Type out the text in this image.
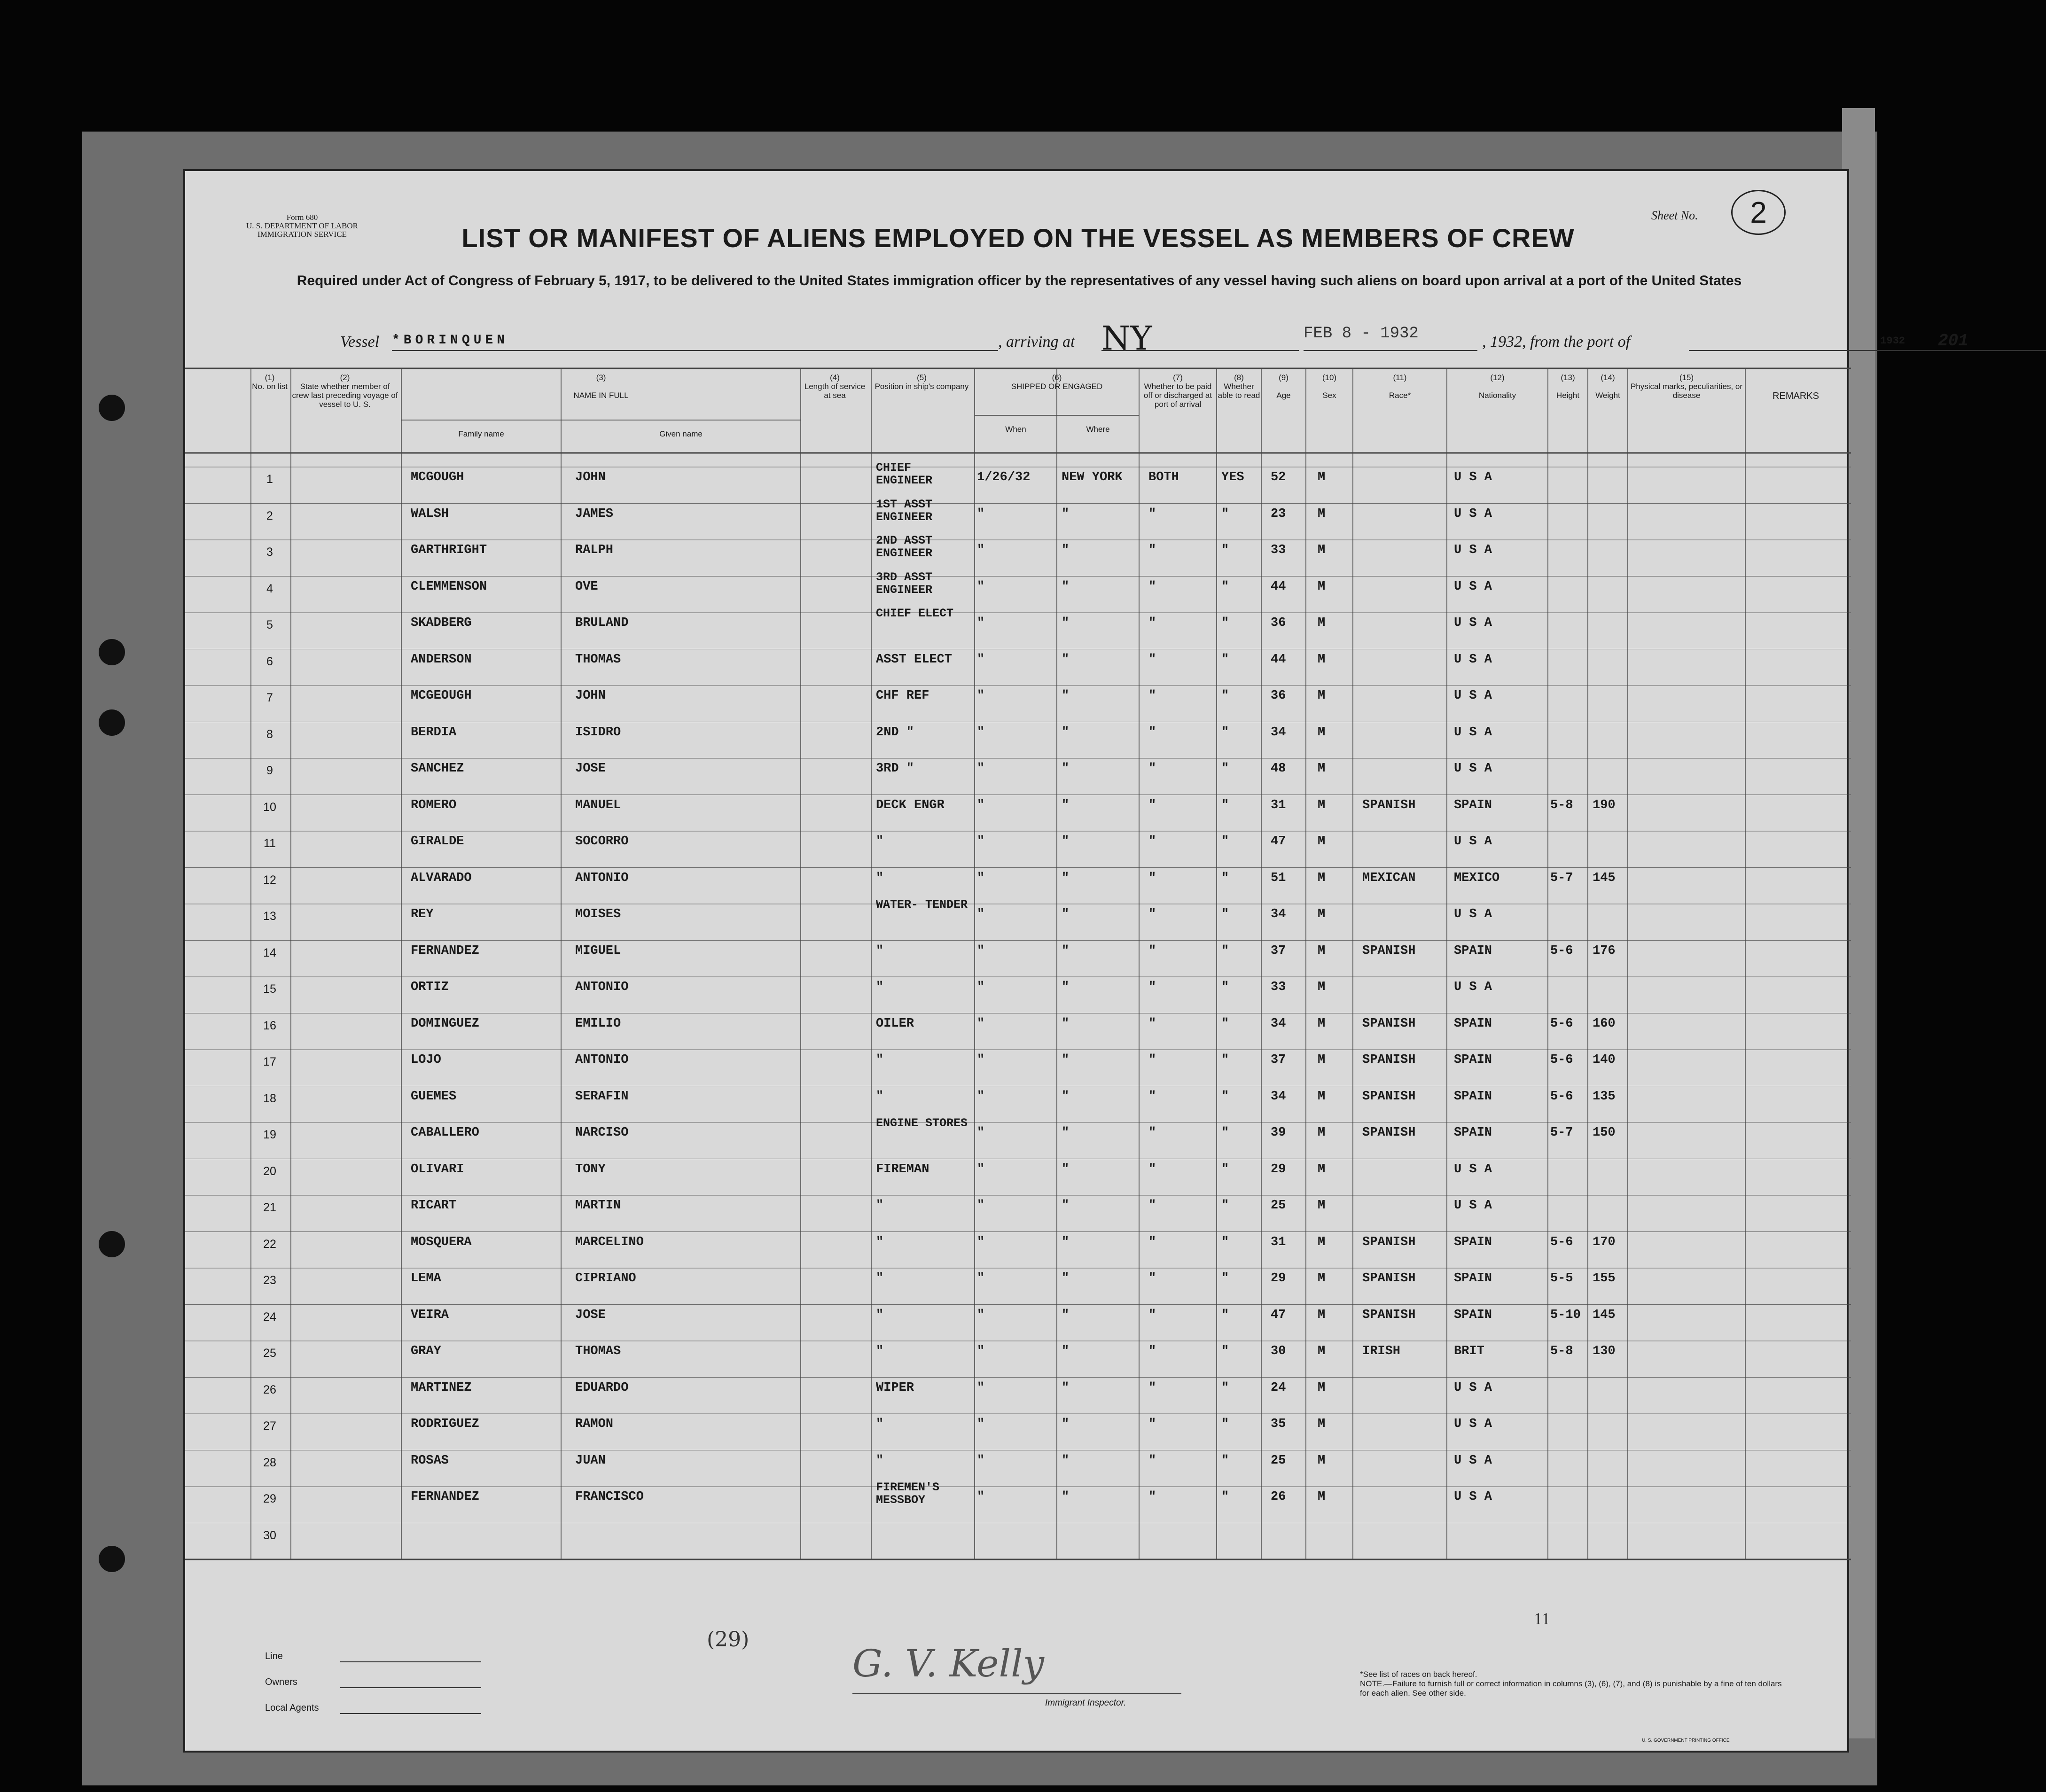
Form 680
U. S. DEPARTMENT OF LABOR
IMMIGRATION SERVICE
Sheet No.	2
LIST OR MANIFEST OF ALIENS EMPLOYED ON THE VESSEL AS MEMBERS OF CREW
Required under Act of Congress of February 5, 1917, to be delivered to the United States immigration officer by the representatives of any vessel having such aliens on board upon arrival at a port of the United States
Vessel *BORINQUEN	, arriving at NY	FEB 8 - 1932	, 1932, from the port of	1932 201
(1)
No. on list
(2)
State whether member of crew last preceding voyage of vessel to U. S.
(3)

NAME IN FULL
Family name	Given name
(4)
Length of service at sea
(5)
Position in ship's company
(6)
SHIPPED OR ENGAGED
When	Where
(7)
Whether to be paid off or discharged at port of arrival
(8)
Whether able to read
(9)

Age
(10)

Sex
(11)

Race*
(12)

Nationality
(13)

Height
(14)

Weight
(15)
Physical marks, peculiarities, or disease	REMARKS
1	MCGOUGH	JOHN
CHIEF ENGINEER	1/26/32 NEW YORK BOTH	YES 52	M	U S A
2	WALSH	JAMES
1ST ASST ENGINEER	"	"	"	"	23	M	U S A
3	GARTHRIGHT	RALPH
2ND ASST ENGINEER	"	"	"	"	33	M	U S A
4	CLEMMENSON	OVE
3RD ASST ENGINEER	"	"	"	"	44	M	U S A
5	SKADBERG	BRULAND
CHIEF ELECT
"	"	"	"	36	M	U S A
6	ANDERSON	THOMAS	ASST ELECT "	"	"	"	44	M	U S A
7	MCGEOUGH	JOHN	CHF REF	"	"	"	"	36	M	U S A
8	BERDIA	ISIDRO	2ND "	"	"	"	"	34	M	U S A
9	SANCHEZ	JOSE	3RD "	"	"	"	"	48	M	U S A
10	ROMERO	MANUEL	DECK ENGR	"	"	"	"	31	M	SPANISH	SPAIN	5-8 190
11	GIRALDE	SOCORRO	"	"	"	"	"	47	M	U S A
12	ALVARADO	ANTONIO	"	"	"	"	"	51	M	MEXICAN	MEXICO	5-7 145
13	REY	MOISES
WATER- TENDER
"	"	"	"	34	M	U S A
14	FERNANDEZ	MIGUEL	"	"	"	"	"	37	M	SPANISH	SPAIN	5-6 176
15	ORTIZ	ANTONIO	"	"	"	"	"	33	M	U S A
16	DOMINGUEZ	EMILIO	OILER	"	"	"	"	34	M	SPANISH	SPAIN	5-6 160
17	LOJO	ANTONIO	"	"	"	"	"	37	M	SPANISH	SPAIN	5-6 140
18	GUEMES	SERAFIN	"	"	"	"	"	34	M	SPANISH	SPAIN	5-6 135
19	CABALLERO	NARCISO
ENGINE STORES
"	"	"	"	39	M	SPANISH	SPAIN	5-7 150
20	OLIVARI	TONY	FIREMAN	"	"	"	"	29	M	U S A
21	RICART	MARTIN	"	"	"	"	"	25	M	U S A
22	MOSQUERA	MARCELINO	"	"	"	"	"	31	M	SPANISH	SPAIN	5-6 170
23	LEMA	CIPRIANO	"	"	"	"	"	29	M	SPANISH	SPAIN	5-5 155
24	VEIRA	JOSE	"	"	"	"	"	47	M	SPANISH	SPAIN	5-10 145
25	GRAY	THOMAS	"	"	"	"	"	30	M	IRISH	BRIT	5-8 130
26	MARTINEZ	EDUARDO	WIPER	"	"	"	"	24	M	U S A
27	RODRIGUEZ	RAMON	"	"	"	"	"	35	M	U S A
28	ROSAS	JUAN	"	"	"	"	"	25	M	U S A
29	FERNANDEZ	FRANCISCO
FIREMEN'S MESSBOY	"	"	"	"	26	M	U S A
30
Line
Owners
Local Agents
(29)
11
G. V. Kelly
Immigrant Inspector.
*See list of races on back hereof.
NOTE.—Failure to furnish full or correct information in columns (3), (6), (7), and (8) is punishable by a fine of ten dollars for each alien. See other side.
U. S. GOVERNMENT PRINTING OFFICE
